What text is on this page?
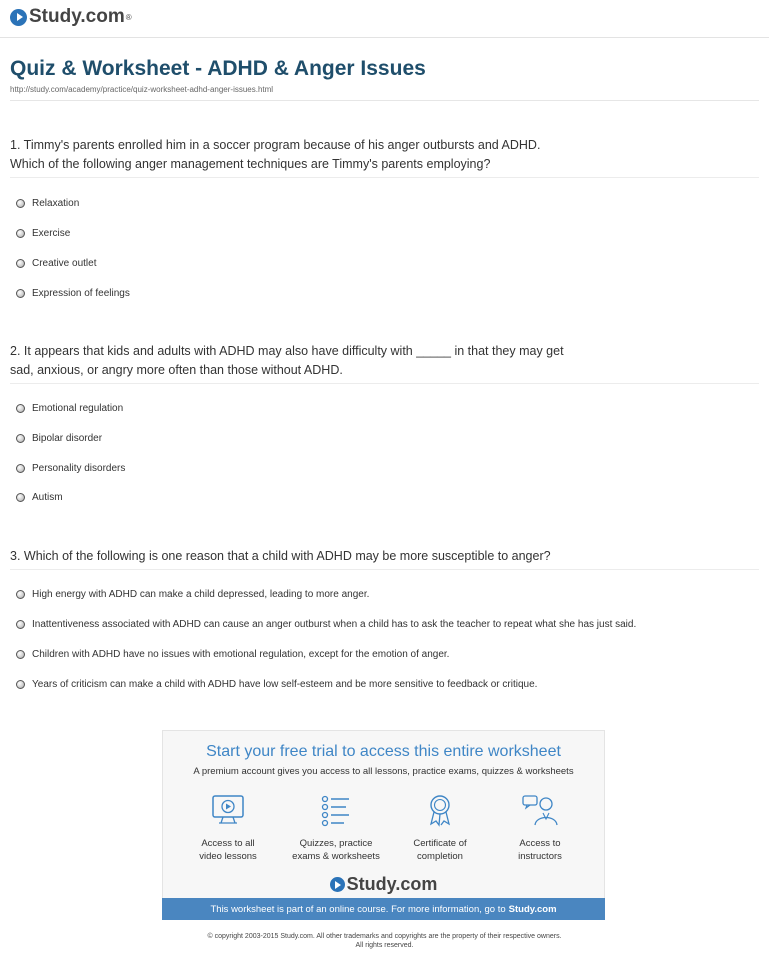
Study.com ®
Quiz & Worksheet - ADHD & Anger Issues
http://study.com/academy/practice/quiz-worksheet-adhd-anger-issues.html
1. Timmy's parents enrolled him in a soccer program because of his anger outbursts and ADHD.
Which of the following anger management techniques are Timmy's parents employing?
Relaxation
Exercise
Creative outlet
Expression of feelings
2. It appears that kids and adults with ADHD may also have difficulty with _____ in that they may get
sad, anxious, or angry more often than those without ADHD.
Emotional regulation
Bipolar disorder
Personality disorders
Autism
3. Which of the following is one reason that a child with ADHD may be more susceptible to anger?
High energy with ADHD can make a child depressed, leading to more anger.
Inattentiveness associated with ADHD can cause an anger outburst when a child has to ask the teacher to repeat what she has just said.
Children with ADHD have no issues with emotional regulation, except for the emotion of anger.
Years of criticism can make a child with ADHD have low self-esteem and be more sensitive to feedback or critique.
Start your free trial to access this entire worksheet
A premium account gives you access to all lessons, practice exams, quizzes & worksheets
Access to all
video lessons
Quizzes, practice
exams & worksheets
Certificate of
completion
Access to
instructors
Study.com
This worksheet is part of an online course. For more information, go to Study.com
© copyright 2003-2015 Study.com. All other trademarks and copyrights are the property of their respective owners.
All rights reserved.
